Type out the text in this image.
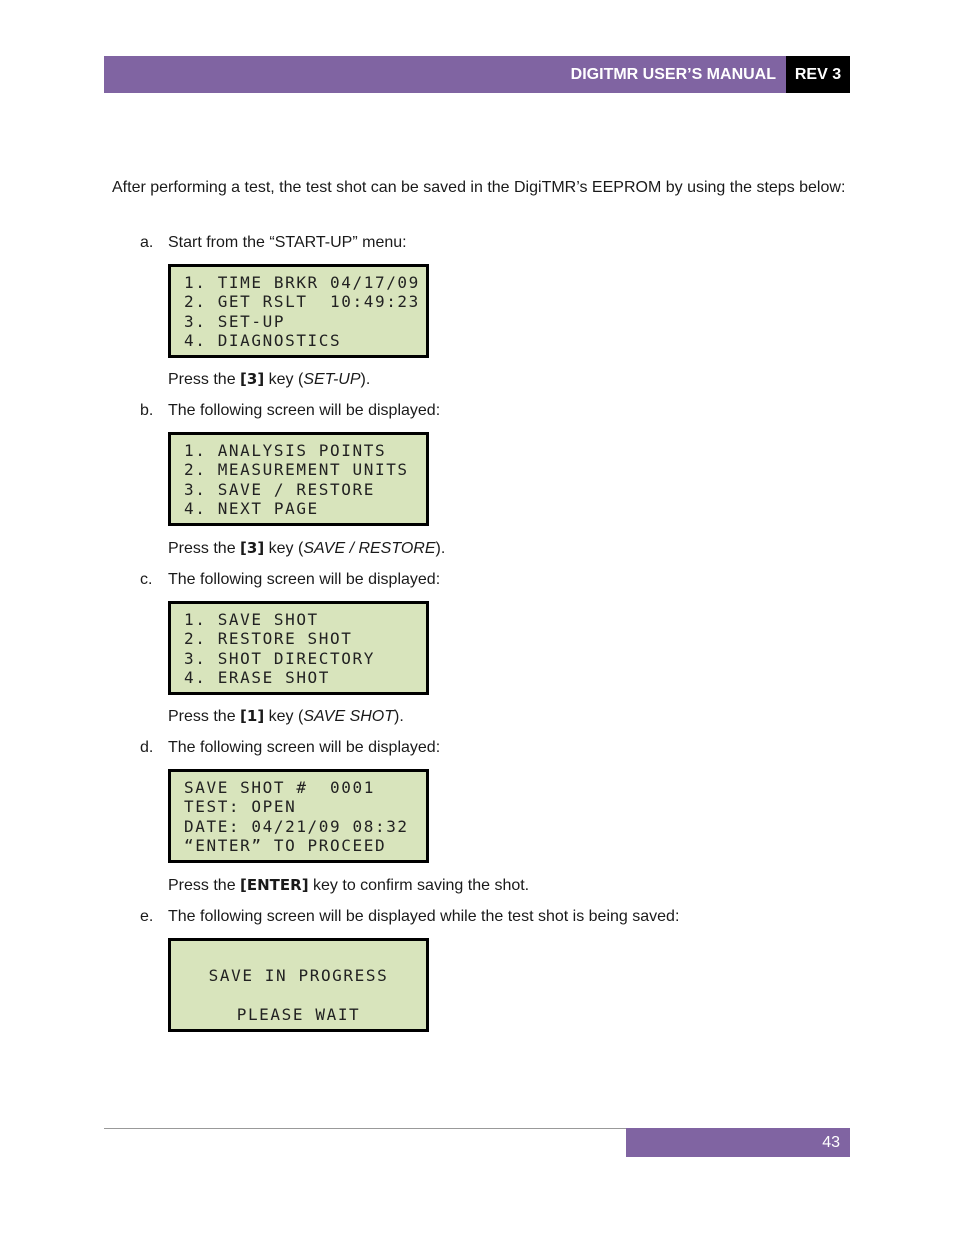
DIGITMR USER’S MANUAL REV 3
After performing a test, the test shot can be saved in the DigiTMR’s EEPROM by using the steps below:
a. Start from the “START-UP” menu:
1. TIME BRKR 04/17/09
2. GET RSLT  10:49:23
3. SET-UP
4. DIAGNOSTICS
Press the [3] key (SET-UP).
b. The following screen will be displayed:
1. ANALYSIS POINTS
2. MEASUREMENT UNITS
3. SAVE / RESTORE
4. NEXT PAGE
Press the [3] key (SAVE / RESTORE).
c. The following screen will be displayed:
1. SAVE SHOT
2. RESTORE SHOT
3. SHOT DIRECTORY
4. ERASE SHOT
Press the [1] key (SAVE SHOT).
d. The following screen will be displayed:
SAVE SHOT #  0001
TEST: OPEN
DATE: 04/21/09 08:32
“ENTER” TO PROCEED
Press the [ENTER] key to confirm saving the shot.
e. The following screen will be displayed while the test shot is being saved:
SAVE IN PROGRESS
PLEASE WAIT
43
